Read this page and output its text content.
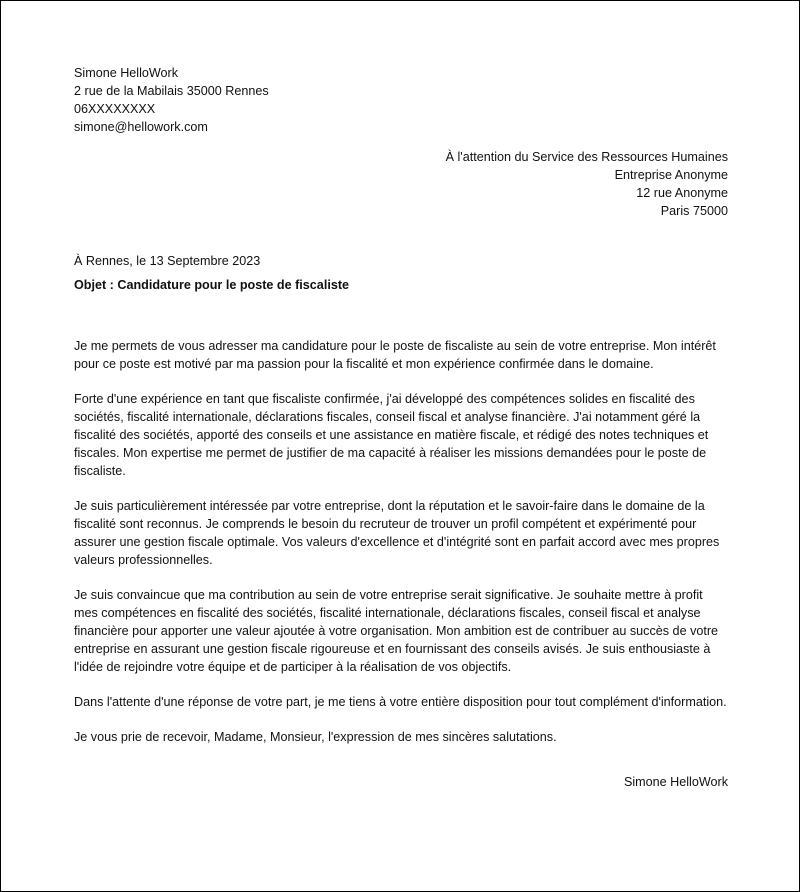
Simone HelloWork
2 rue de la Mabilais 35000 Rennes
06XXXXXXXX
simone@hellowork.com
À l'attention du Service des Ressources Humaines
Entreprise Anonyme
12 rue Anonyme
Paris 75000
À Rennes, le 13 Septembre 2023
Objet : Candidature pour le poste de fiscaliste

Je me permets de vous adresser ma candidature pour le poste de fiscaliste au sein de votre entreprise. Mon intérêt pour ce poste est motivé par ma passion pour la fiscalité et mon expérience confirmée dans le domaine.

Forte d'une expérience en tant que fiscaliste confirmée, j'ai développé des compétences solides en fiscalité des sociétés, fiscalité internationale, déclarations fiscales, conseil fiscal et analyse financière. J'ai notamment géré la fiscalité des sociétés, apporté des conseils et une assistance en matière fiscale, et rédigé des notes techniques et fiscales. Mon expertise me permet de justifier de ma capacité à réaliser les missions demandées pour le poste de fiscaliste.

Je suis particulièrement intéressée par votre entreprise, dont la réputation et le savoir-faire dans le domaine de la fiscalité sont reconnus. Je comprends le besoin du recruteur de trouver un profil compétent et expérimenté pour assurer une gestion fiscale optimale. Vos valeurs d'excellence et d'intégrité sont en parfait accord avec mes propres valeurs professionnelles.

Je suis convaincue que ma contribution au sein de votre entreprise serait significative. Je souhaite mettre à profit mes compétences en fiscalité des sociétés, fiscalité internationale, déclarations fiscales, conseil fiscal et analyse financière pour apporter une valeur ajoutée à votre organisation. Mon ambition est de contribuer au succès de votre entreprise en assurant une gestion fiscale rigoureuse et en fournissant des conseils avisés. Je suis enthousiaste à l'idée de rejoindre votre équipe et de participer à la réalisation de vos objectifs.

Dans l'attente d'une réponse de votre part, je me tiens à votre entière disposition pour tout complément d'information.

Je vous prie de recevoir, Madame, Monsieur, l'expression de mes sincères salutations.

Simone HelloWork
